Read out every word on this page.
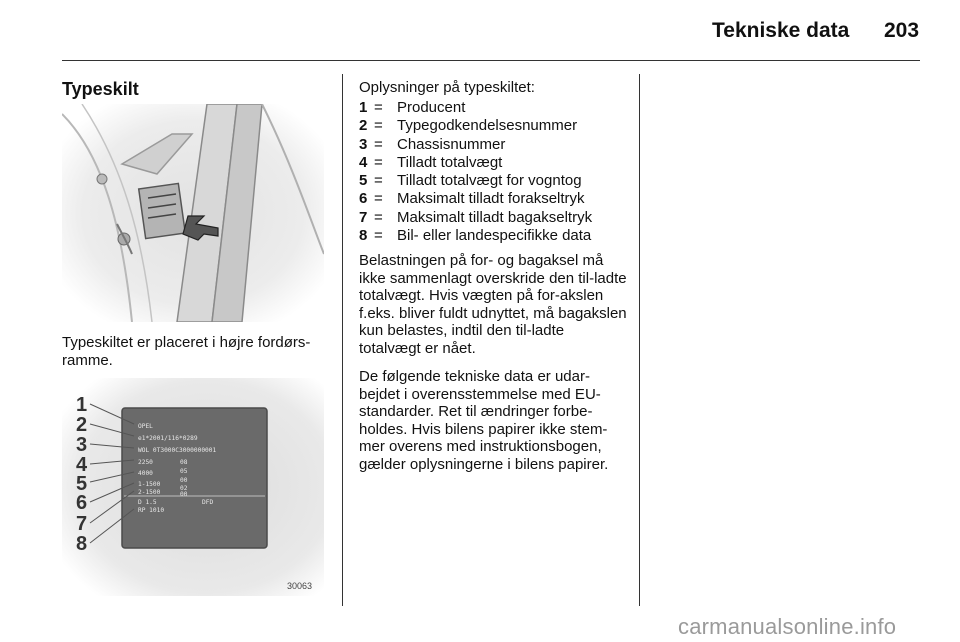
Tekniske data 203
Typeskilt

Typeskiltet er placeret i højre fordørs-ramme.

OPEL
e1*2001/116*0289
WOL 0T3000C3000000001
2250
4000
1-1500
2-1500
08
05
00
02
00
D 1.5
RP 1010
DFD
1
2
3
4
5
6
7
8
30063
Oplysninger på typeskiltet:
1 = Producent
2 = Typegodkendelsesnummer
3 = Chassisnummer
4 = Tilladt totalvægt
5 = Tilladt totalvægt for vogntog
6 = Maksimalt tilladt forakseltryk
7 = Maksimalt tilladt bagakseltryk
8 = Bil- eller landespecifikke data

Belastningen på for- og bagaksel må ikke sammenlagt overskride den til-ladte totalvægt. Hvis vægten på for-akslen f.eks. bliver fuldt udnyttet, må bagakslen kun belastes, indtil den til-ladte totalvægt er nået.

De følgende tekniske data er udar-bejdet i overensstemmelse med EU-standarder. Ret til ændringer forbe-holdes. Hvis bilens papirer ikke stem-mer overens med instruktionsbogen, gælder oplysningerne i bilens papirer.

carmanualsonline.info
